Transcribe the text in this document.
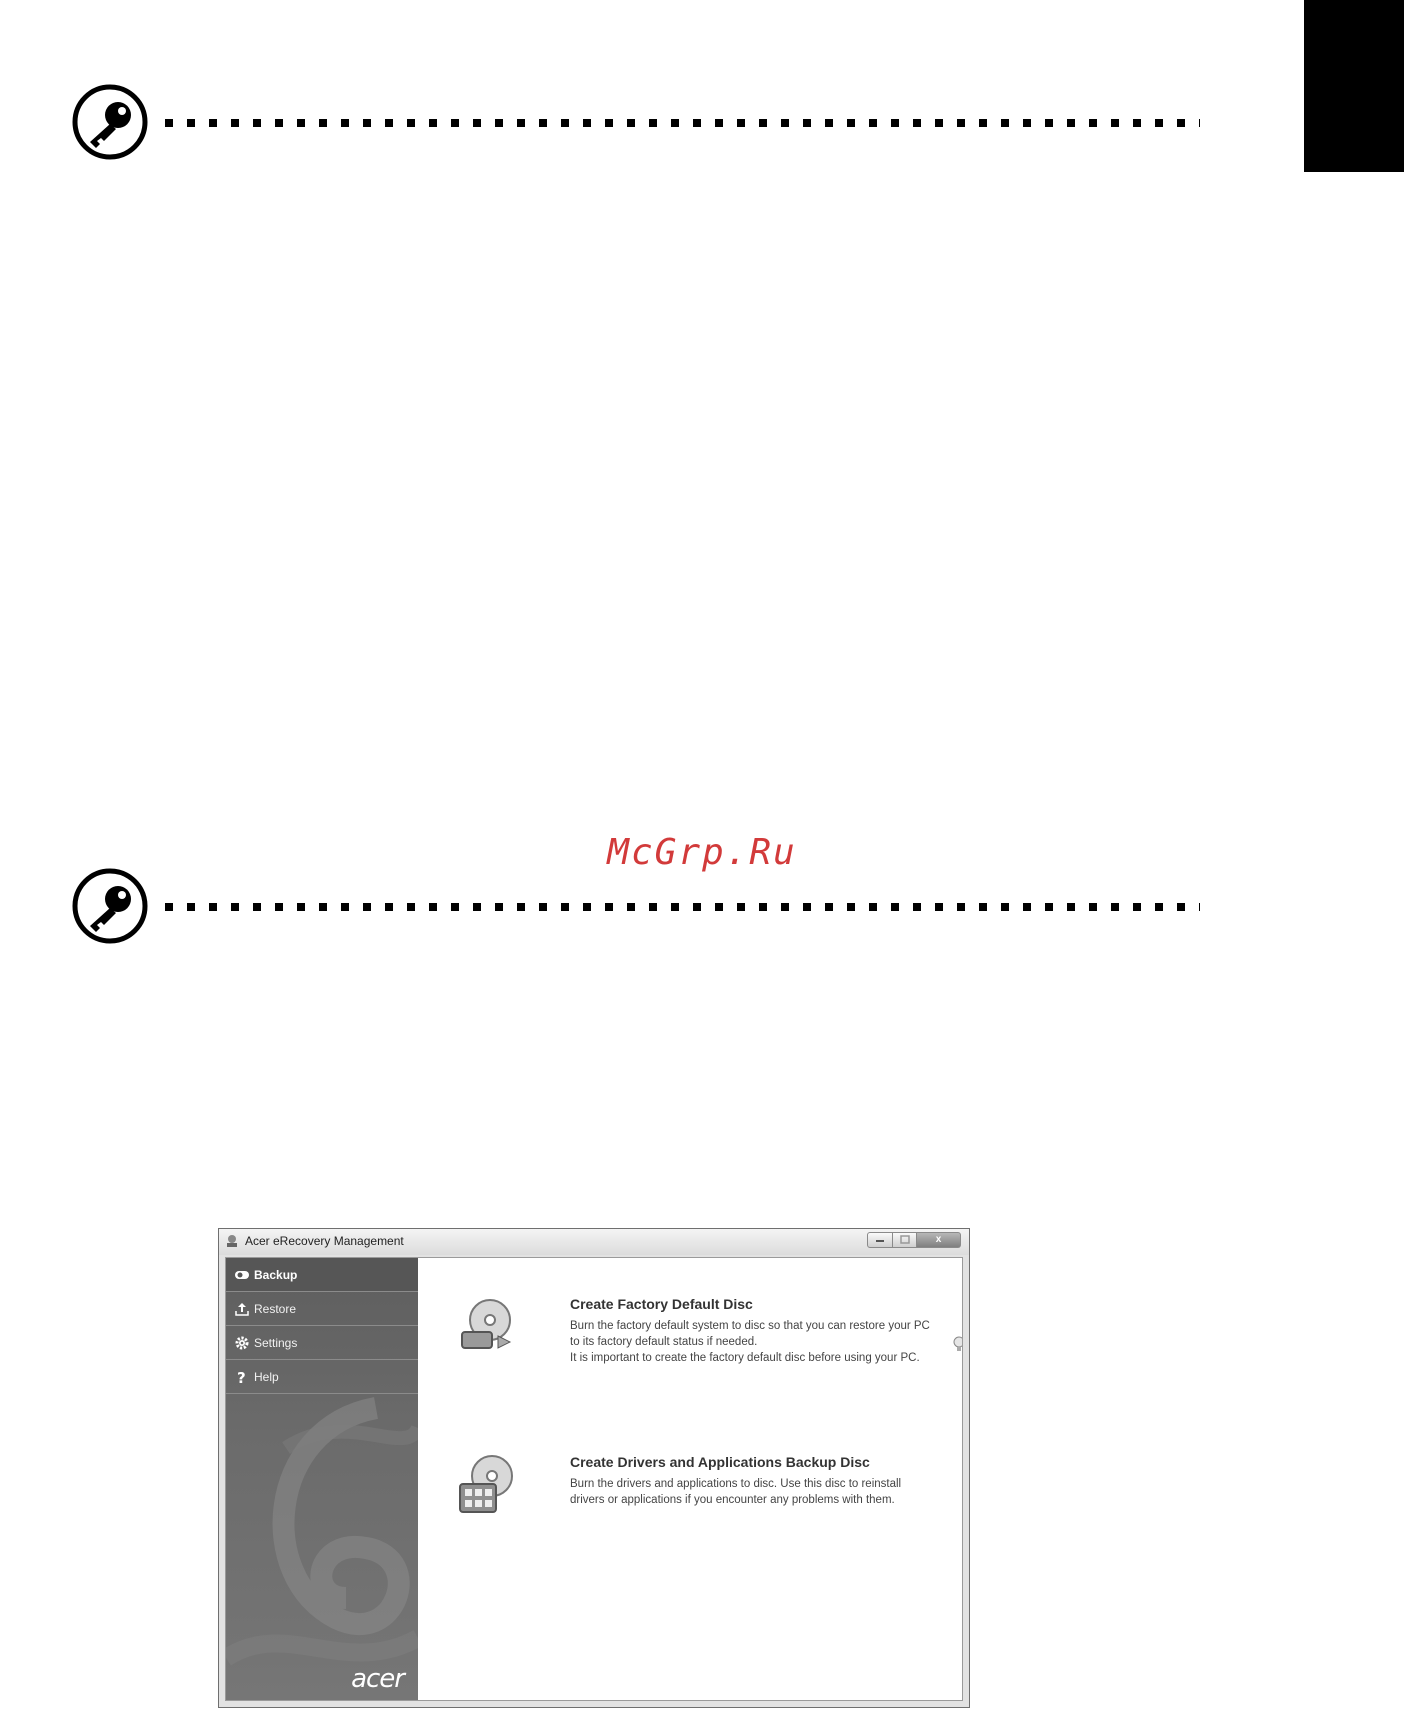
McGrp.Ru
Acer eRecovery Management	x
Backup
Restore
Settings
? Help
acer
Create Factory Default Disc

Burn the factory default system to disc so that you can restore your PC to its factory default status if needed.

It is important to create the factory default disc before using your PC.

Create Drivers and Applications Backup Disc

Burn the drivers and applications to disc. Use this disc to reinstall drivers or applications if you encounter any problems with them.
